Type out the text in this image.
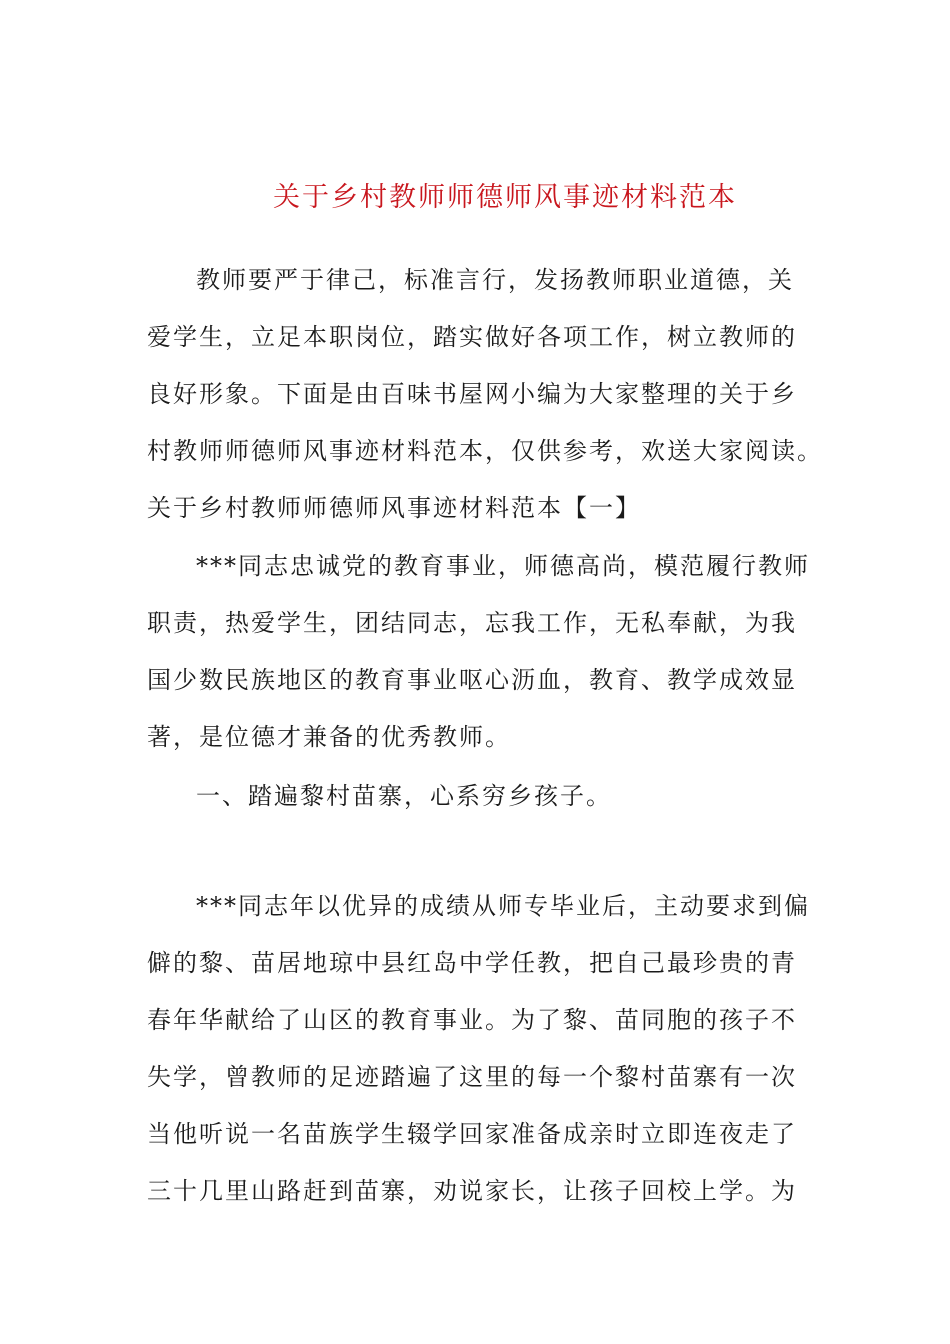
关于乡村教师师德师风事迹材料范本
教师要严于律己，标准言行，发扬教师职业道德，关
爱学生，立足本职岗位，踏实做好各项工作，树立教师的
良好形象。下面是由百味书屋网小编为大家整理的关于乡
村教师师德师风事迹材料范本，仅供参考，欢送大家阅读。
关于乡村教师师德师风事迹材料范本【一】
***同志忠诚党的教育事业，师德高尚，模范履行教师
职责，热爱学生，团结同志，忘我工作，无私奉献，为我
国少数民族地区的教育事业呕心沥血，教育、教学成效显
著，是位德才兼备的优秀教师。
一、踏遍黎村苗寨，心系穷乡孩子。
***同志年以优异的成绩从师专毕业后，主动要求到偏
僻的黎、苗居地琼中县红岛中学任教，把自己最珍贵的青
春年华献给了山区的教育事业。为了黎、苗同胞的孩子不
失学，曾教师的足迹踏遍了这里的每一个黎村苗寨有一次
当他听说一名苗族学生辍学回家准备成亲时立即连夜走了
三十几里山路赶到苗寨，劝说家长，让孩子回校上学。为
